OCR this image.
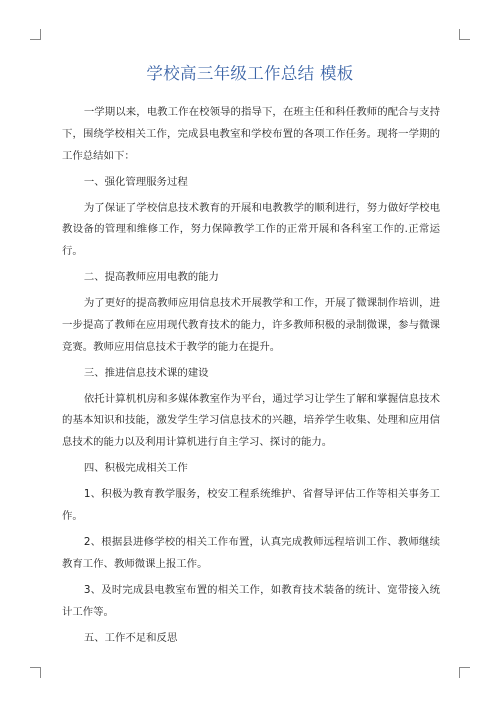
学校高三年级工作总结 模板

一学期以来，电教工作在校领导的指导下，在班主任和科任教师的配合与支持下，围绕学校相关工作，完成县电教室和学校布置的各项工作任务。现将一学期的工作总结如下：

一、强化管理服务过程

为了保证了学校信息技术教育的开展和电教教学的顺利进行，努力做好学校电教设备的管理和维修工作，努力保障教学工作的正常开展和各科室工作的.正常运行。

二、提高教师应用电教的能力

为了更好的提高教师应用信息技术开展教学和工作，开展了微课制作培训，进一步提高了教师在应用现代教育技术的能力，许多教师积极的录制微课，参与微课竞赛。教师应用信息技术于教学的能力在提升。

三、推进信息技术课的建设

依托计算机机房和多媒体教室作为平台，通过学习让学生了解和掌握信息技术的基本知识和技能，激发学生学习信息技术的兴趣，培养学生收集、处理和应用信息技术的能力以及利用计算机进行自主学习、探讨的能力。

四、积极完成相关工作

1、积极为教育教学服务，校安工程系统维护、省督导评估工作等相关事务工作。

2、根据县进修学校的相关工作布置，认真完成教师远程培训工作、教师继续教育工作、教师微课上报工作。

3、及时完成县电教室布置的相关工作，如教育技术装备的统计、宽带接入统计工作等。

五、工作不足和反思
